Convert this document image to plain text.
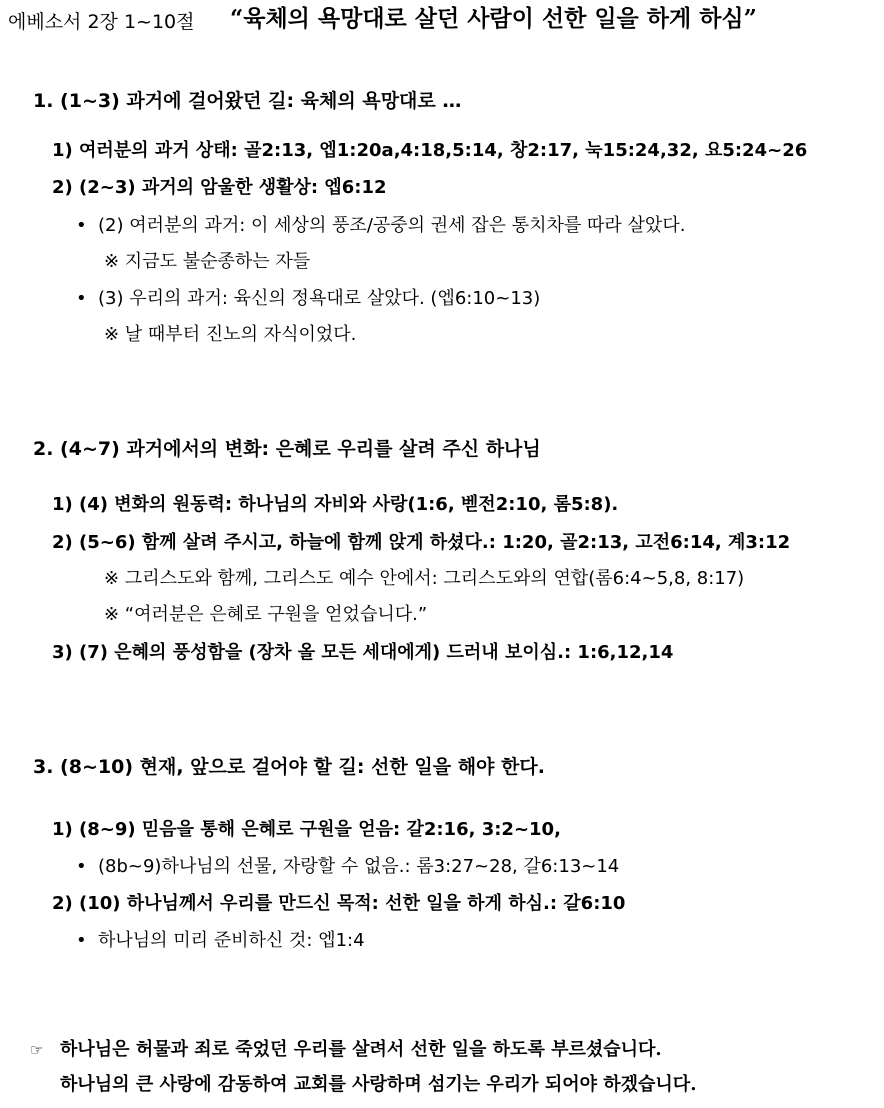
에베소서 2장 1~10절 “육체의 욕망대로 살던 사람이 선한 일을 하게 하심”
1. (1~3) 과거에 걸어왔던 길: 육체의 욕망대로 …
1) 여러분의 과거 상태: 골2:13, 엡1:20a,4:18,5:14, 창2:17, 눅15:24,32, 요5:24~26
2) (2~3) 과거의 암울한 생활상: 엡6:12
• (2) 여러분의 과거: 이 세상의 풍조/공중의 권세 잡은 통치차를 따라 살았다.
※ 지금도 불순종하는 자들
• (3) 우리의 과거: 육신의 정욕대로 살았다. (엡6:10~13)
※ 날 때부터 진노의 자식이었다.
2. (4~7) 과거에서의 변화: 은혜로 우리를 살려 주신 하나님
1) (4) 변화의 원동력: 하나님의 자비와 사랑(1:6, 벧전2:10, 롬5:8).
2) (5~6) 함께 살려 주시고, 하늘에 함께 앉게 하셨다.: 1:20, 골2:13, 고전6:14, 계3:12
※ 그리스도와 함께, 그리스도 예수 안에서: 그리스도와의 연합(롬6:4~5,8, 8:17)
※ “여러분은 은혜로 구원을 얻었습니다.”
3) (7) 은혜의 풍성함을 (장차 올 모든 세대에게) 드러내 보이심.: 1:6,12,14
3. (8~10) 현재, 앞으로 걸어야 할 길: 선한 일을 해야 한다.
1) (8~9) 믿음을 통해 은혜로 구원을 얻음: 갈2:16, 3:2~10,
• (8b~9)하나님의 선물, 자랑할 수 없음.: 롬3:27~28, 갈6:13~14
2) (10) 하나님께서 우리를 만드신 목적: 선한 일을 하게 하심.: 갈6:10
• 하나님의 미리 준비하신 것: 엡1:4
☞ 하나님은 허물과 죄로 죽었던 우리를 살려서 선한 일을 하도록 부르셨습니다.
하나님의 큰 사랑에 감동하여 교회를 사랑하며 섬기는 우리가 되어야 하겠습니다.
